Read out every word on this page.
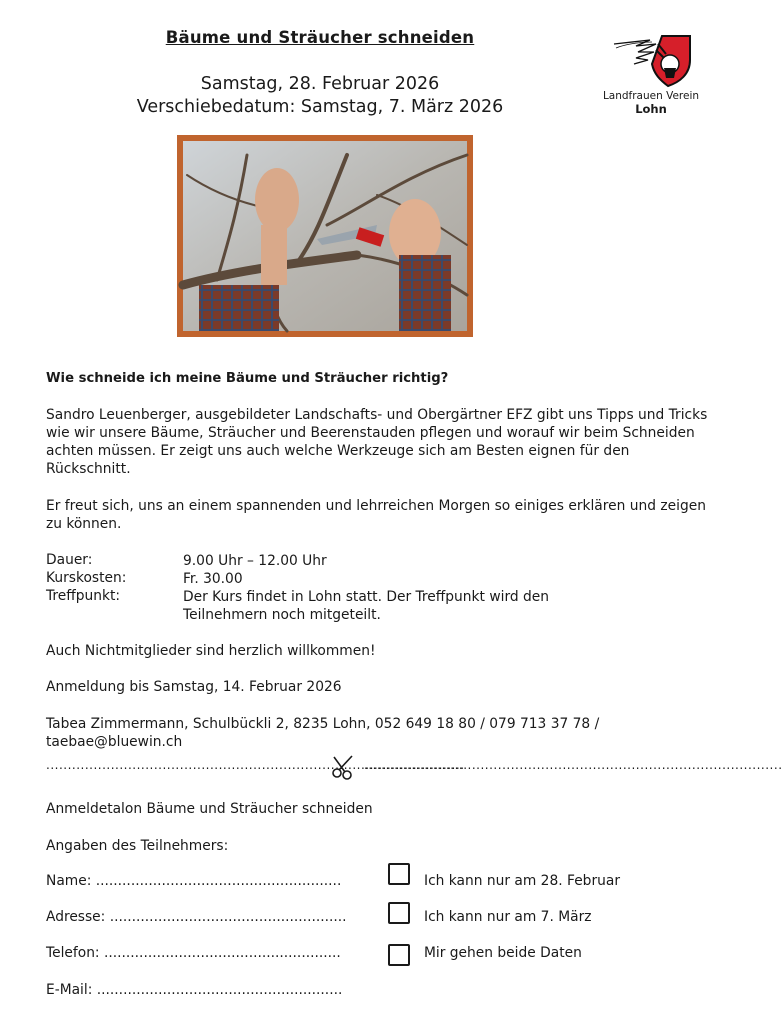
Bäume und Sträucher schneiden
Samstag, 28. Februar 2026
Verschiebedatum: Samstag, 7. März 2026
Landfrauen Verein
Lohn
Wie schneide ich meine Bäume und Sträucher richtig?
Sandro Leuenberger, ausgebildeter Landschafts- und Obergärtner EFZ gibt uns Tipps und Tricks wie wir unsere Bäume, Sträucher und Beerenstauden pflegen und worauf wir beim Schneiden achten müssen. Er zeigt uns auch welche Werkzeuge sich am Besten eignen für den Rückschnitt.
Er freut sich, uns an einem spannenden und lehrreichen Morgen so einiges erklären und zeigen zu können.
Dauer:	9.00 Uhr – 12.00 Uhr
Kurskosten:	Fr. 30.00
Treffpunkt:	Der Kurs findet in Lohn statt. Der Treffpunkt wird den
Teilnehmern noch mitgeteilt.
Auch Nichtmitglieder sind herzlich willkommen!
Anmeldung bis Samstag, 14. Februar 2026
Tabea Zimmermann, Schulbückli 2, 8235 Lohn, 052 649 18 80 / 079 713 37 78 /
taebae@bluewin.ch
.................................................................................................
.................................................................................................
Anmeldetalon Bäume und Sträucher schneiden
Angaben des Teilnehmers:
Name: ........................................................
Adresse: ......................................................
Telefon: ......................................................
E-Mail: ........................................................
Ich kann nur am 28. Februar
Ich kann nur am 7. März
Mir gehen beide Daten
